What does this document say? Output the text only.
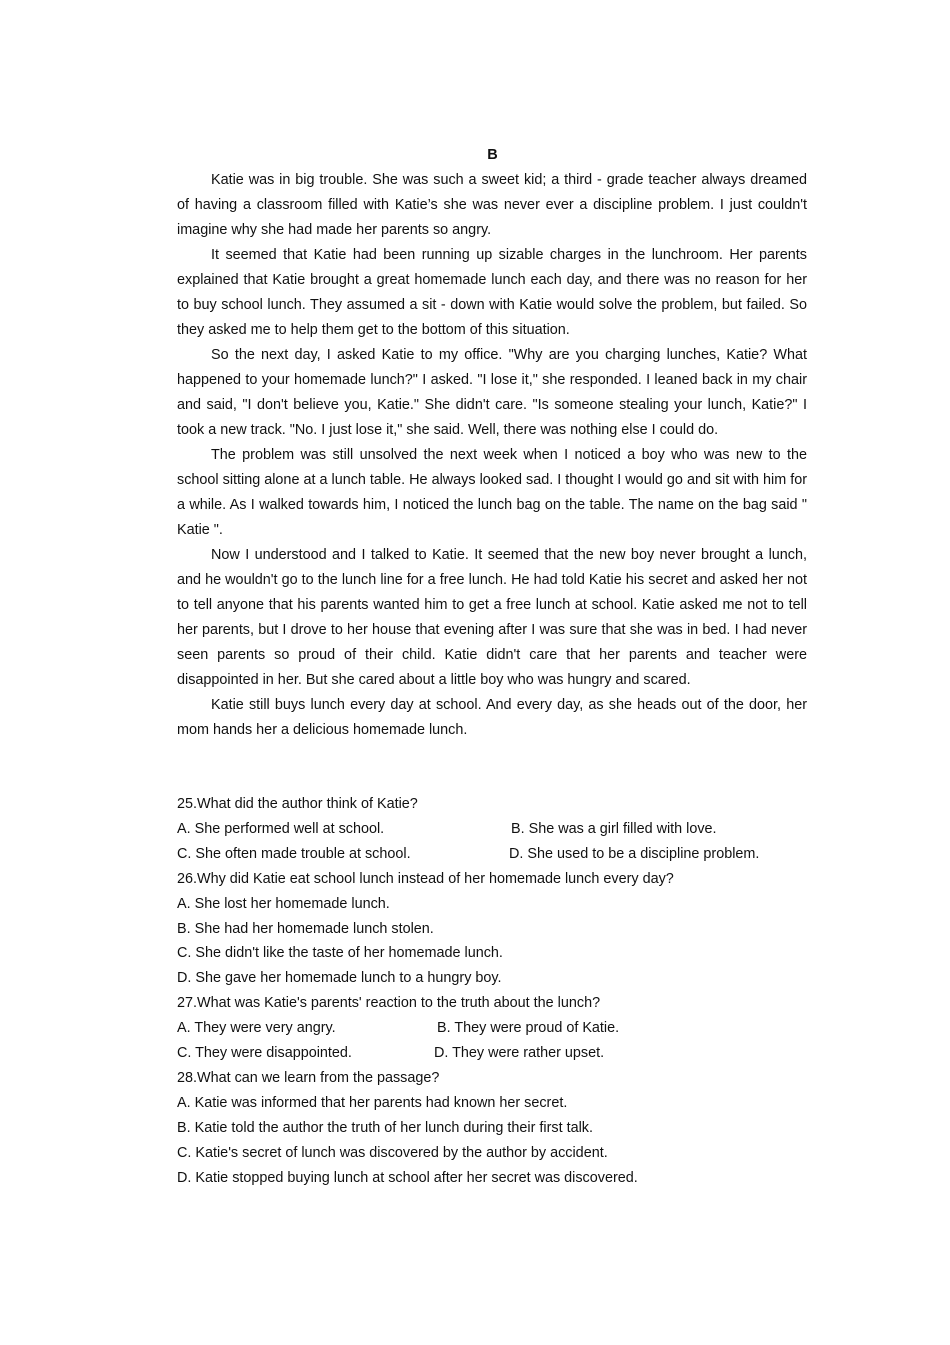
B

Katie was in big trouble. She was such a sweet kid; a third - grade teacher always dreamed of having a classroom filled with Katie’s she was never ever a discipline problem. I just couldn't imagine why she had made her parents so angry.

It seemed that Katie had been running up sizable charges in the lunchroom. Her parents explained that Katie brought a great homemade lunch each day, and there was no reason for her to buy school lunch. They assumed a sit - down with Katie would solve the problem, but failed. So they asked me to help them get to the bottom of this situation.

So the next day, I asked Katie to my office. "Why are you charging lunches, Katie? What happened to your homemade lunch?" I asked. "I lose it," she responded. I leaned back in my chair and said, "I don't believe you, Katie." She didn't care. "Is someone stealing your lunch, Katie?" I took a new track. "No. I just lose it," she said. Well, there was nothing else I could do.

The problem was still unsolved the next week when I noticed a boy who was new to the school sitting alone at a lunch table. He always looked sad. I thought I would go and sit with him for a while. As I walked towards him, I noticed the lunch bag on the table. The name on the bag said " Katie ".

Now I understood and I talked to Katie. It seemed that the new boy never brought a lunch, and he wouldn't go to the lunch line for a free lunch. He had told Katie his secret and asked her not to tell anyone that his parents wanted him to get a free lunch at school. Katie asked me not to tell her parents, but I drove to her house that evening after I was sure that she was in bed. I had never seen parents so proud of their child. Katie didn't care that her parents and teacher were disappointed in her. But she cared about a little boy who was hungry and scared.

Katie still buys lunch every day at school. And every day, as she heads out of the door, her mom hands her a delicious homemade lunch.

25.What did the author think of Katie?

A. She performed well at school.	B. She was a girl filled with love.
C. She often made trouble at school.	D. She used to be a discipline problem.

26.Why did Katie eat school lunch instead of her homemade lunch every day?

A. She lost her homemade lunch.
B. She had her homemade lunch stolen.
C. She didn't like the taste of her homemade lunch.
D. She gave her homemade lunch to a hungry boy.

27.What was Katie's parents' reaction to the truth about the lunch?

A. They were very angry.	B. They were proud of Katie.
C. They were disappointed.	D. They were rather upset.

28.What can we learn from the passage?

A. Katie was informed that her parents had known her secret.
B. Katie told the author the truth of her lunch during their first talk.
C. Katie's secret of lunch was discovered by the author by accident.
D. Katie stopped buying lunch at school after her secret was discovered.
